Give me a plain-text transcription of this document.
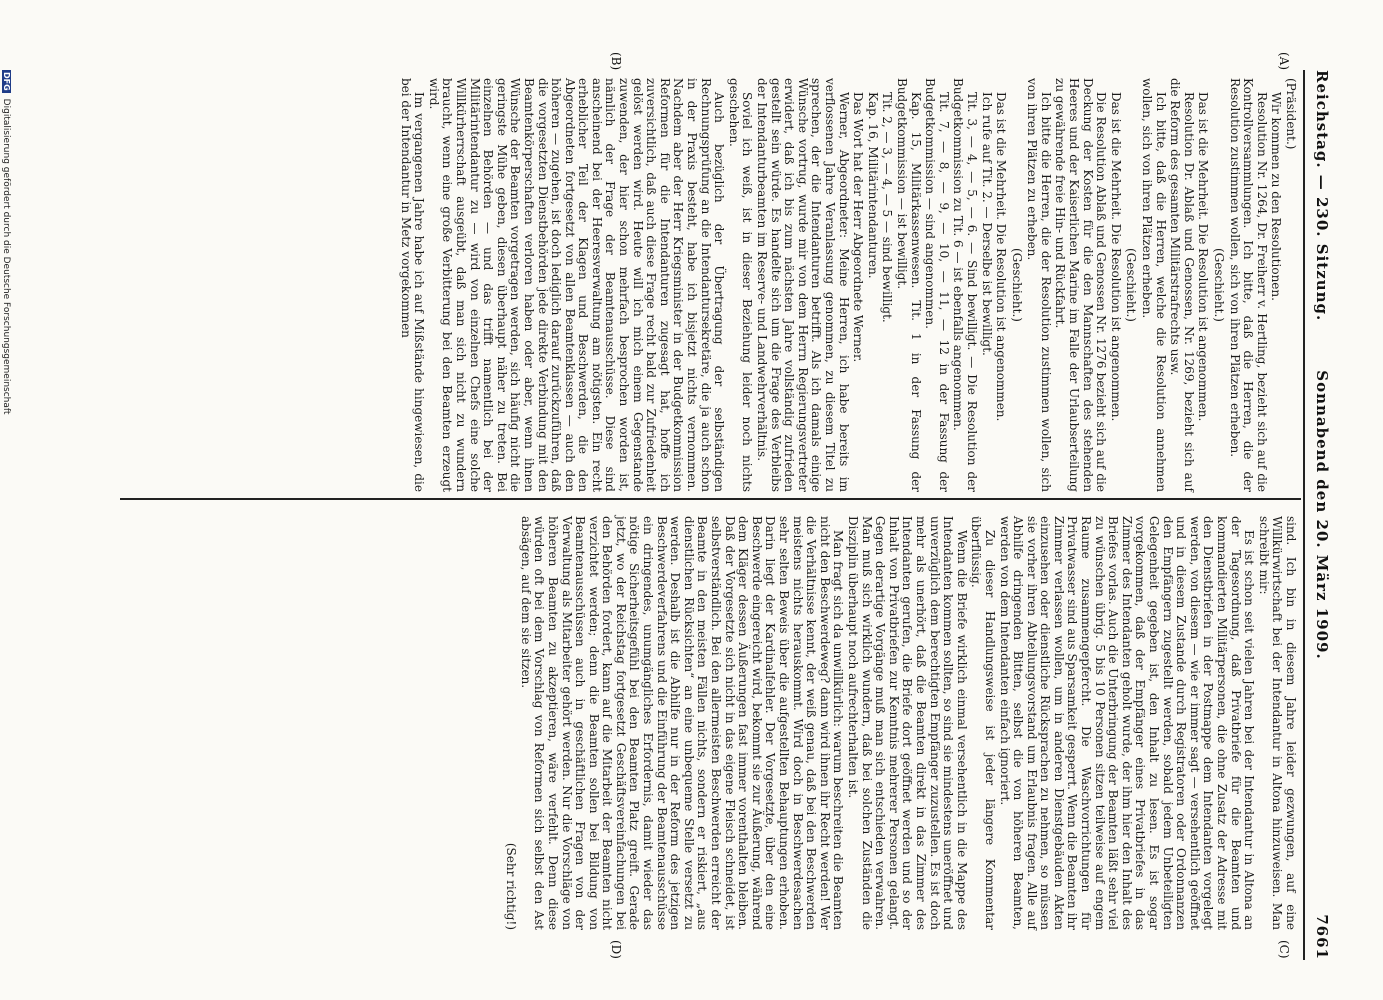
Reichstag. — 230. Sitzung.
Sonnabend den 20. März 1909.
7661
(A)
(B)
(C)
(D)

(Präsident.)

Wir kommen zu den Resolutionen.

Resolution Nr. 1264, Dr. Freiherr v. Hertling, bezieht sich auf die Kontrollversammlungen. Ich bitte, daß die Herren, die der Resolution zustimmen wollen, sich von ihren Plätzen erheben.

(Geschieht.)

Das ist die Mehrheit. Die Resolution ist angenommen.

Resolution Dr. Ablaß und Genossen, Nr. 1269, bezieht sich auf die Reform des gesamten Militärstrafrechts usw.

Ich bitte, daß die Herren, welche die Resolution annehmen wollen, sich von ihren Plätzen erheben.

(Geschieht.)

Das ist die Mehrheit. Die Resolution ist angenommen.

Die Resolution Ablaß und Genossen Nr. 1276 bezieht sich auf die Deckung der Kosten für die den Mannschaften des stehenden Heeres und der Kaiserlichen Marine im Falle der Urlaubserteilung zu gewährende freie Hin- und Rückfahrt.

Ich bitte die Herren, die der Resolution zustimmen wollen, sich von ihren Plätzen zu erheben.

(Geschieht.)

Das ist die Mehrheit. Die Resolution ist angenommen.

Ich rufe auf Tit. 2. — Derselbe ist bewilligt.

Tit. 3, — 4, — 5, — 6. — Sind bewilligt. — Die Resolution der Budgetkommission zu Tit. 6 — ist ebenfalls angenommen.

Tit. 7, — 8, — 9, — 10, — 11, — 12 in der Fassung der Budgetkommission — sind angenommen.

Kap. 15, Militärkassenwesen. Tit. 1 in der Fassung der Budgetkommission — ist bewilligt.

Tit. 2, — 3, — 4, — 5 — sind bewilligt.

Kap. 16, Militärintendanturen.

Das Wort hat der Herr Abgeordnete Werner.

Werner, Abgeordneter: Meine Herren, ich habe bereits im verflossenen Jahre Veranlassung genommen, zu diesem Titel zu sprechen, der die Intendanturen betrifft. Als ich damals einige Wünsche vortrug, wurde mir von dem Herrn Regierungsvertreter erwidert, daß ich bis zum nächsten Jahre vollständig zufrieden gestellt sein würde. Es handelte sich um die Frage des Verbleibs der Intendanturbeamten im Reserve- und Landwehrverhältnis.

Soviel ich weiß, ist in dieser Beziehung leider noch nichts geschehen.

Auch bezüglich der Übertragung der selbständigen Rechnungsprüfung an die Intendantursekretäre, die ja auch schon in der Praxis besteht, habe ich bisjetzt nichts vernommen. Nachdem aber der Herr Kriegsminister in der Budgetkommission Reformen für die Intendanturen zugesagt hat, hoffe ich zuversichtlich, daß auch diese Frage recht bald zur Zufriedenheit gelöst werden wird. Heute will ich mich einem Gegenstande zuwenden, der hier schon mehrfach besprochen worden ist, nämlich der Frage der Beamtenausschüsse. Diese sind anscheinend bei der Heeresverwaltung am nötigsten. Ein recht erheblicher Teil der Klagen und Beschwerden, die den Abgeordneten fortgesetzt von allen Beamtenklassen — auch den höheren — zugehen, ist doch lediglich darauf zurückzuführen, daß die vorgesetzten Dienstbehörden jede direkte Verbindung mit den Beamtenkörperschaften verloren haben oder aber, wenn ihnen Wünsche der Beamten vorgetragen werden, sich häufig nicht die geringste Mühe geben, diesen überhaupt näher zu treten. Bei einzelnen Behörden — und das trifft namentlich bei der Militärintendantur zu — wird von einzelnen Chefs eine solche Willkürherrschaft ausgeübt, daß man sich nicht zu wundern braucht, wenn eine große Verbitterung bei den Beamten erzeugt wird.

Im vergangenen Jahre habe ich auf Mißstände hingewiesen, die bei der Intendantur in Metz vorgekommen

sind. Ich bin in diesem Jahre leider gezwungen, auf eine Willkürwirtschaft bei der Intendantur in Altona hinzuweisen. Man schreibt mir:

Es ist schon seit vielen Jahren bei der Intendantur in Altona an der Tagesordnung, daß Privatbriefe für die Beamten und kommandierten Militärpersonen, die ohne Zusatz der Adresse mit den Dienstbriefen in der Postmappe dem Intendanten vorgelegt werden, von diesem — wie er immer sagt — versehentlich geöffnet und in diesem Zustande durch Registratoren oder Ordonnanzen den Empfängern zugestellt werden, sobald jedem Unbeteiligten Gelegenheit gegeben ist, den Inhalt zu lesen. Es ist sogar vorgekommen, daß der Empfänger eines Privatbriefes in das Zimmer des Intendanten geholt wurde, der ihm hier den Inhalt des Briefes vorlas. Auch die Unterbringung der Beamten läßt sehr viel zu wünschen übrig. 5 bis 10 Personen sitzen teilweise auf engem Raume zusammengepfercht. Die Waschvorrichtungen für Privatwasser sind aus Sparsamkeit gesperrt. Wenn die Beamten ihr Zimmer verlassen wollen, um in anderen Dienstgebäuden Akten einzusehen oder dienstliche Rücksprachen zu nehmen, so müssen sie vorher ihren Abteilungsvorstand um Erlaubnis fragen. Alle auf Abhilfe dringenden Bitten, selbst die von höheren Beamten, werden von dem Intendanten einfach ignoriert.

Zu dieser Handlungsweise ist jeder längere Kommentar überflüssig.

Wenn die Briefe wirklich einmal versehentlich in die Mappe des Intendanten kommen sollten, so sind sie mindestens uneröffnet und unverzüglich dem berechtigten Empfänger zuzustellen. Es ist doch mehr als unerhört, daß die Beamten direkt in das Zimmer des Intendanten gerufen, die Briefe dort geöffnet werden und so der Inhalt von Privatbriefen zur Kenntnis mehrerer Personen gelangt. Gegen derartige Vorgänge muß man sich entschieden verwahren. Man muß sich wirklich wundern, daß bei solchen Zuständen die Disziplin überhaupt noch aufrechterhalten ist.

Man fragt sich da unwillkürlich: warum beschreiten die Beamten nicht den Beschwerdeweg? dann wird ihnen ihr Recht werden! Wer die Verhältnisse kennt, der weiß genau, daß bei den Beschwerden meistens nichts herauskommt. Wird doch in Beschwerdesachen sehr selten Beweis über die aufgestellten Behauptungen erhoben. Darin liegt der Kardinalfehler. Der Vorgesetzte, über den eine Beschwerde eingereicht wird, bekommt sie zur Äußerung, während dem Kläger dessen Äußerungen fast immer vorenthalten bleiben. Daß der Vorgesetzte sich nicht in das eigene Fleisch schneidet, ist selbstverständlich. Bei den allermeisten Beschwerden erreicht der Beamte in den meisten Fällen nichts, sondern er riskiert, „aus dienstlichen Rücksichten“ an eine unbequeme Stelle versetzt zu werden. Deshalb ist die Abhilfe nur in der Reform des jetzigen Beschwerdeverfahrens und die Einführung der Beamtenausschüsse ein dringendes, unumgängliches Erfordernis, damit wieder das nötige Sicherheitsgefühl bei den Beamten Platz greift. Gerade jetzt, wo der Reichstag fortgesetzt Geschäftsvereinfachungen bei den Behörden fordert, kann auf die Mitarbeit der Beamten nicht verzichtet werden; denn die Beamten sollen bei Bildung von Beamtenausschüssen auch in geschäftlichen Fragen von der Verwaltung als Mitarbeiter gehört werden. Nur die Vorschläge von höheren Beamten zu akzeptieren, wäre verfehlt. Denn diese würden oft bei dem Vorschlag von Reformen sich selbst den Ast absägen, auf dem sie sitzen.

(Sehr richtig!)

DFGDigitalisierung gefördert durch die Deutsche Forschungsgemeinschaft
